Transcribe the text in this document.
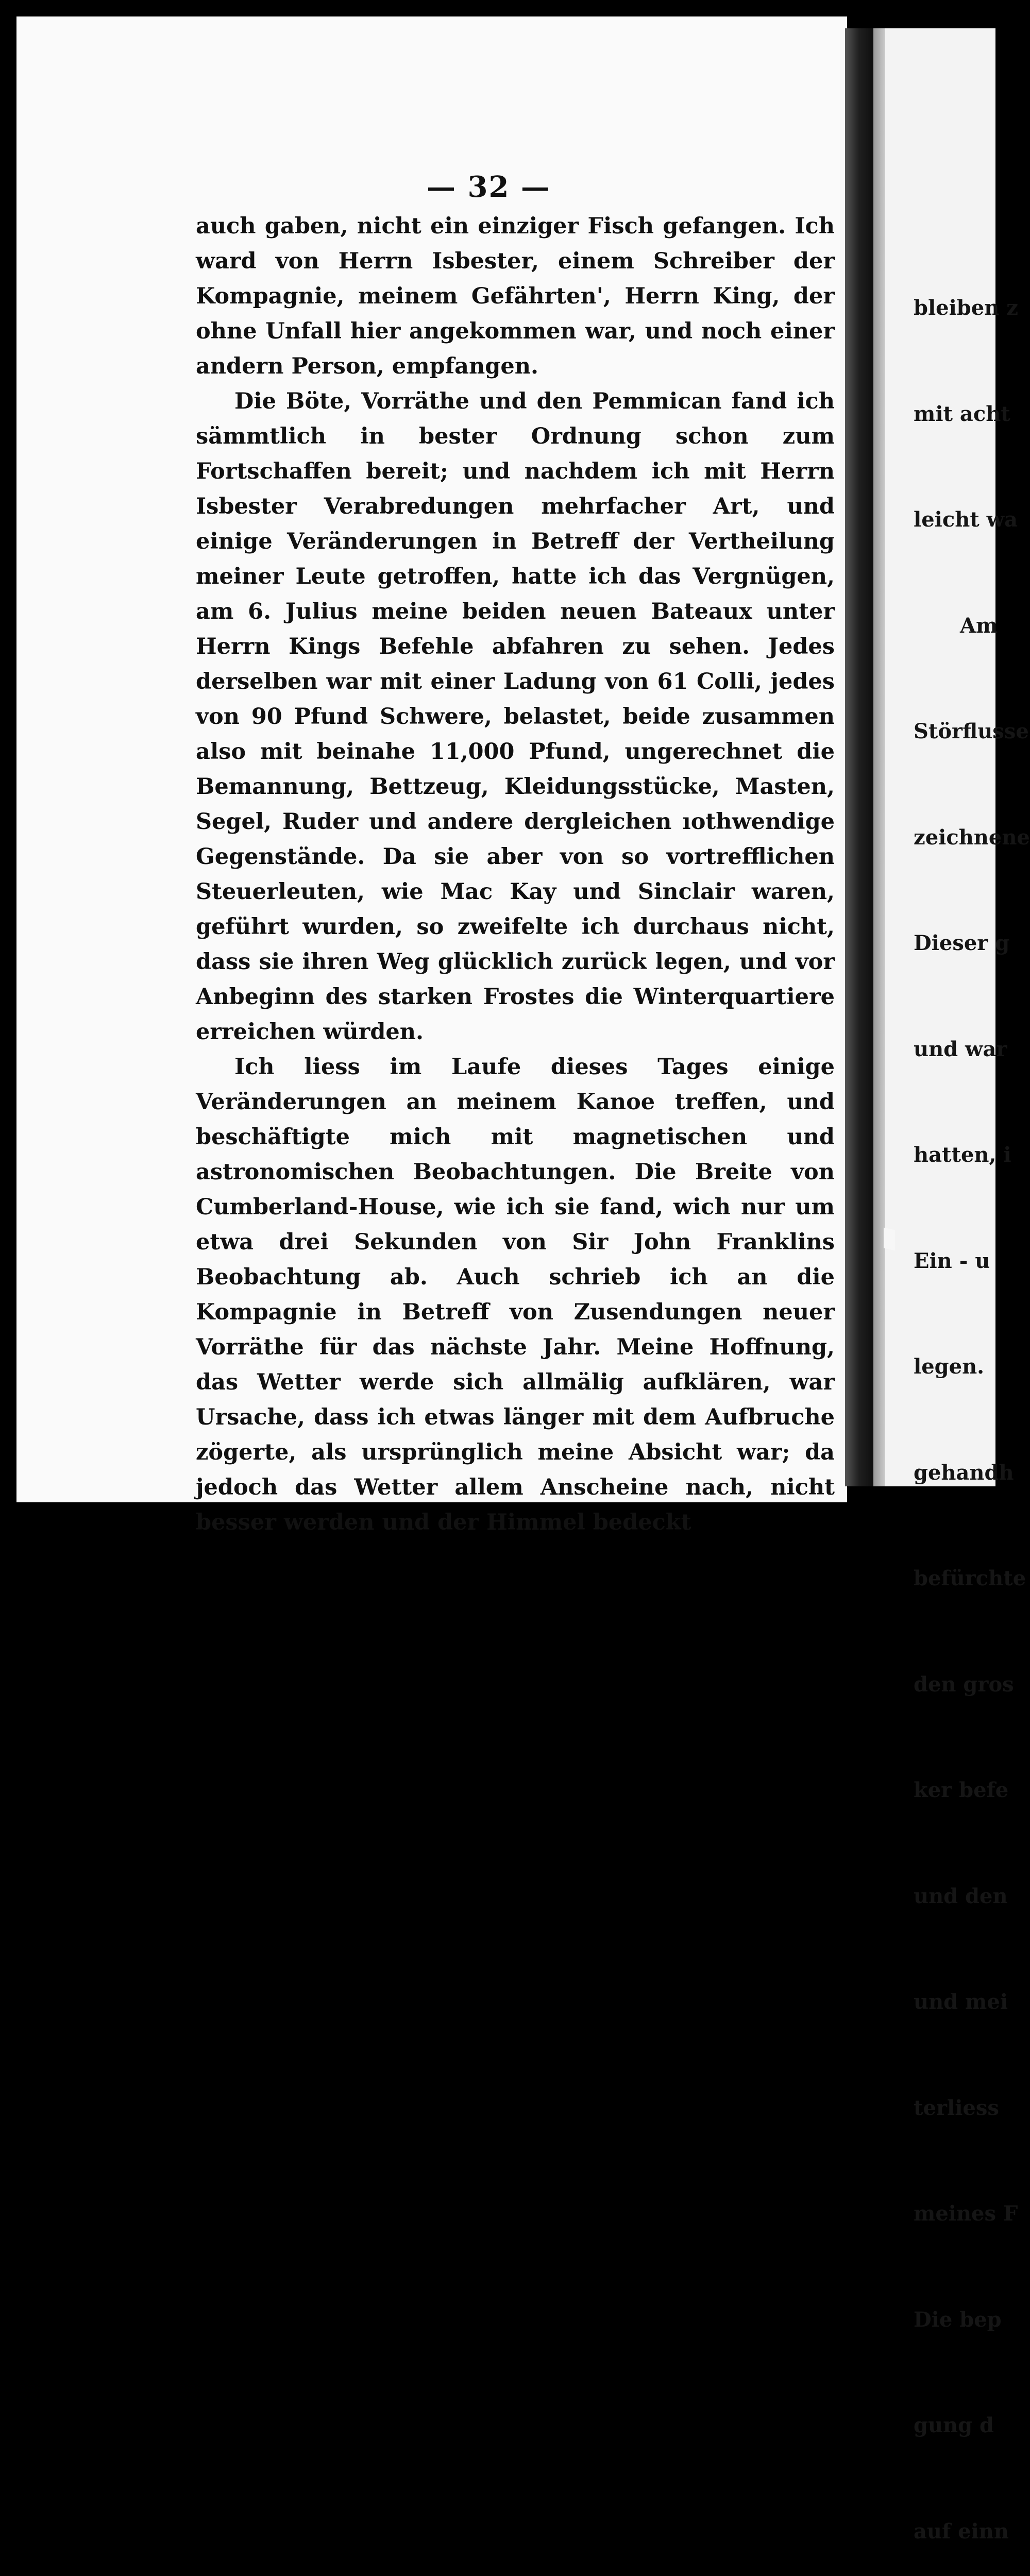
— 32 —

auch gaben, nicht ein einziger Fisch gefangen. Ich ward von Herrn Isbester, einem Schreiber der Kompagnie, meinem Gefährten', Herrn King, der ohne Unfall hier angekommen war, und noch einer andern Person, empfangen.

Die Böte, Vorräthe und den Pemmican fand ich sämmtlich in bester Ordnung schon zum Fortschaffen bereit; und nachdem ich mit Herrn Isbester Verabredungen mehrfacher Art, und einige Veränderungen in Betreff der Vertheilung meiner Leute getroffen, hatte ich das Vergnügen, am 6. Julius meine beiden neuen Bateaux unter Herrn Kings Befehle abfahren zu sehen. Jedes derselben war mit einer Ladung von 61 Colli, jedes von 90 Pfund Schwere, belastet, beide zusammen also mit beinahe 11,000 Pfund, ungerechnet die Bemannung, Bettzeug, Kleidungsstücke, Masten, Segel, Ruder und andere dergleichen ıothwendige Gegenstände. Da sie aber von so vortrefflichen Steuerleuten, wie Mac Kay und Sinclair waren, geführt wurden, so zweifelte ich durchaus nicht, dass sie ihren Weg glücklich zurück legen, und vor Anbeginn des starken Frostes die Winterquartiere erreichen würden.

Ich liess im Laufe dieses Tages einige Veränderungen an meinem Kanoe treffen, und beschäftigte mich mit magnetischen und astronomischen Beobachtungen. Die Breite von Cumberland-House, wie ich sie fand, wich nur um etwa drei Sekunden von Sir John Franklins Beobachtung ab. Auch schrieb ich an die Kompagnie in Betreff von Zusendungen neuer Vorräthe für das nächste Jahr. Meine Hoffnung, das Wetter werde sich allmälig aufklären, war Ursache, dass ich etwas länger mit dem Aufbruche zögerte, als ursprünglich meine Absicht war; da jedoch das Wetter allem Anscheine nach, nicht besser werden und der Himmel bedeckt

bleiben z

mit acht

leicht wa

Am

Störflusse

zeichnene

Dieser g

und war

hatten, i

Ein - u

legen.

gehandh

befürchte

den gros

ker befe

und den

und mei

terliess

meines F

Die bep

gung d

auf einn
